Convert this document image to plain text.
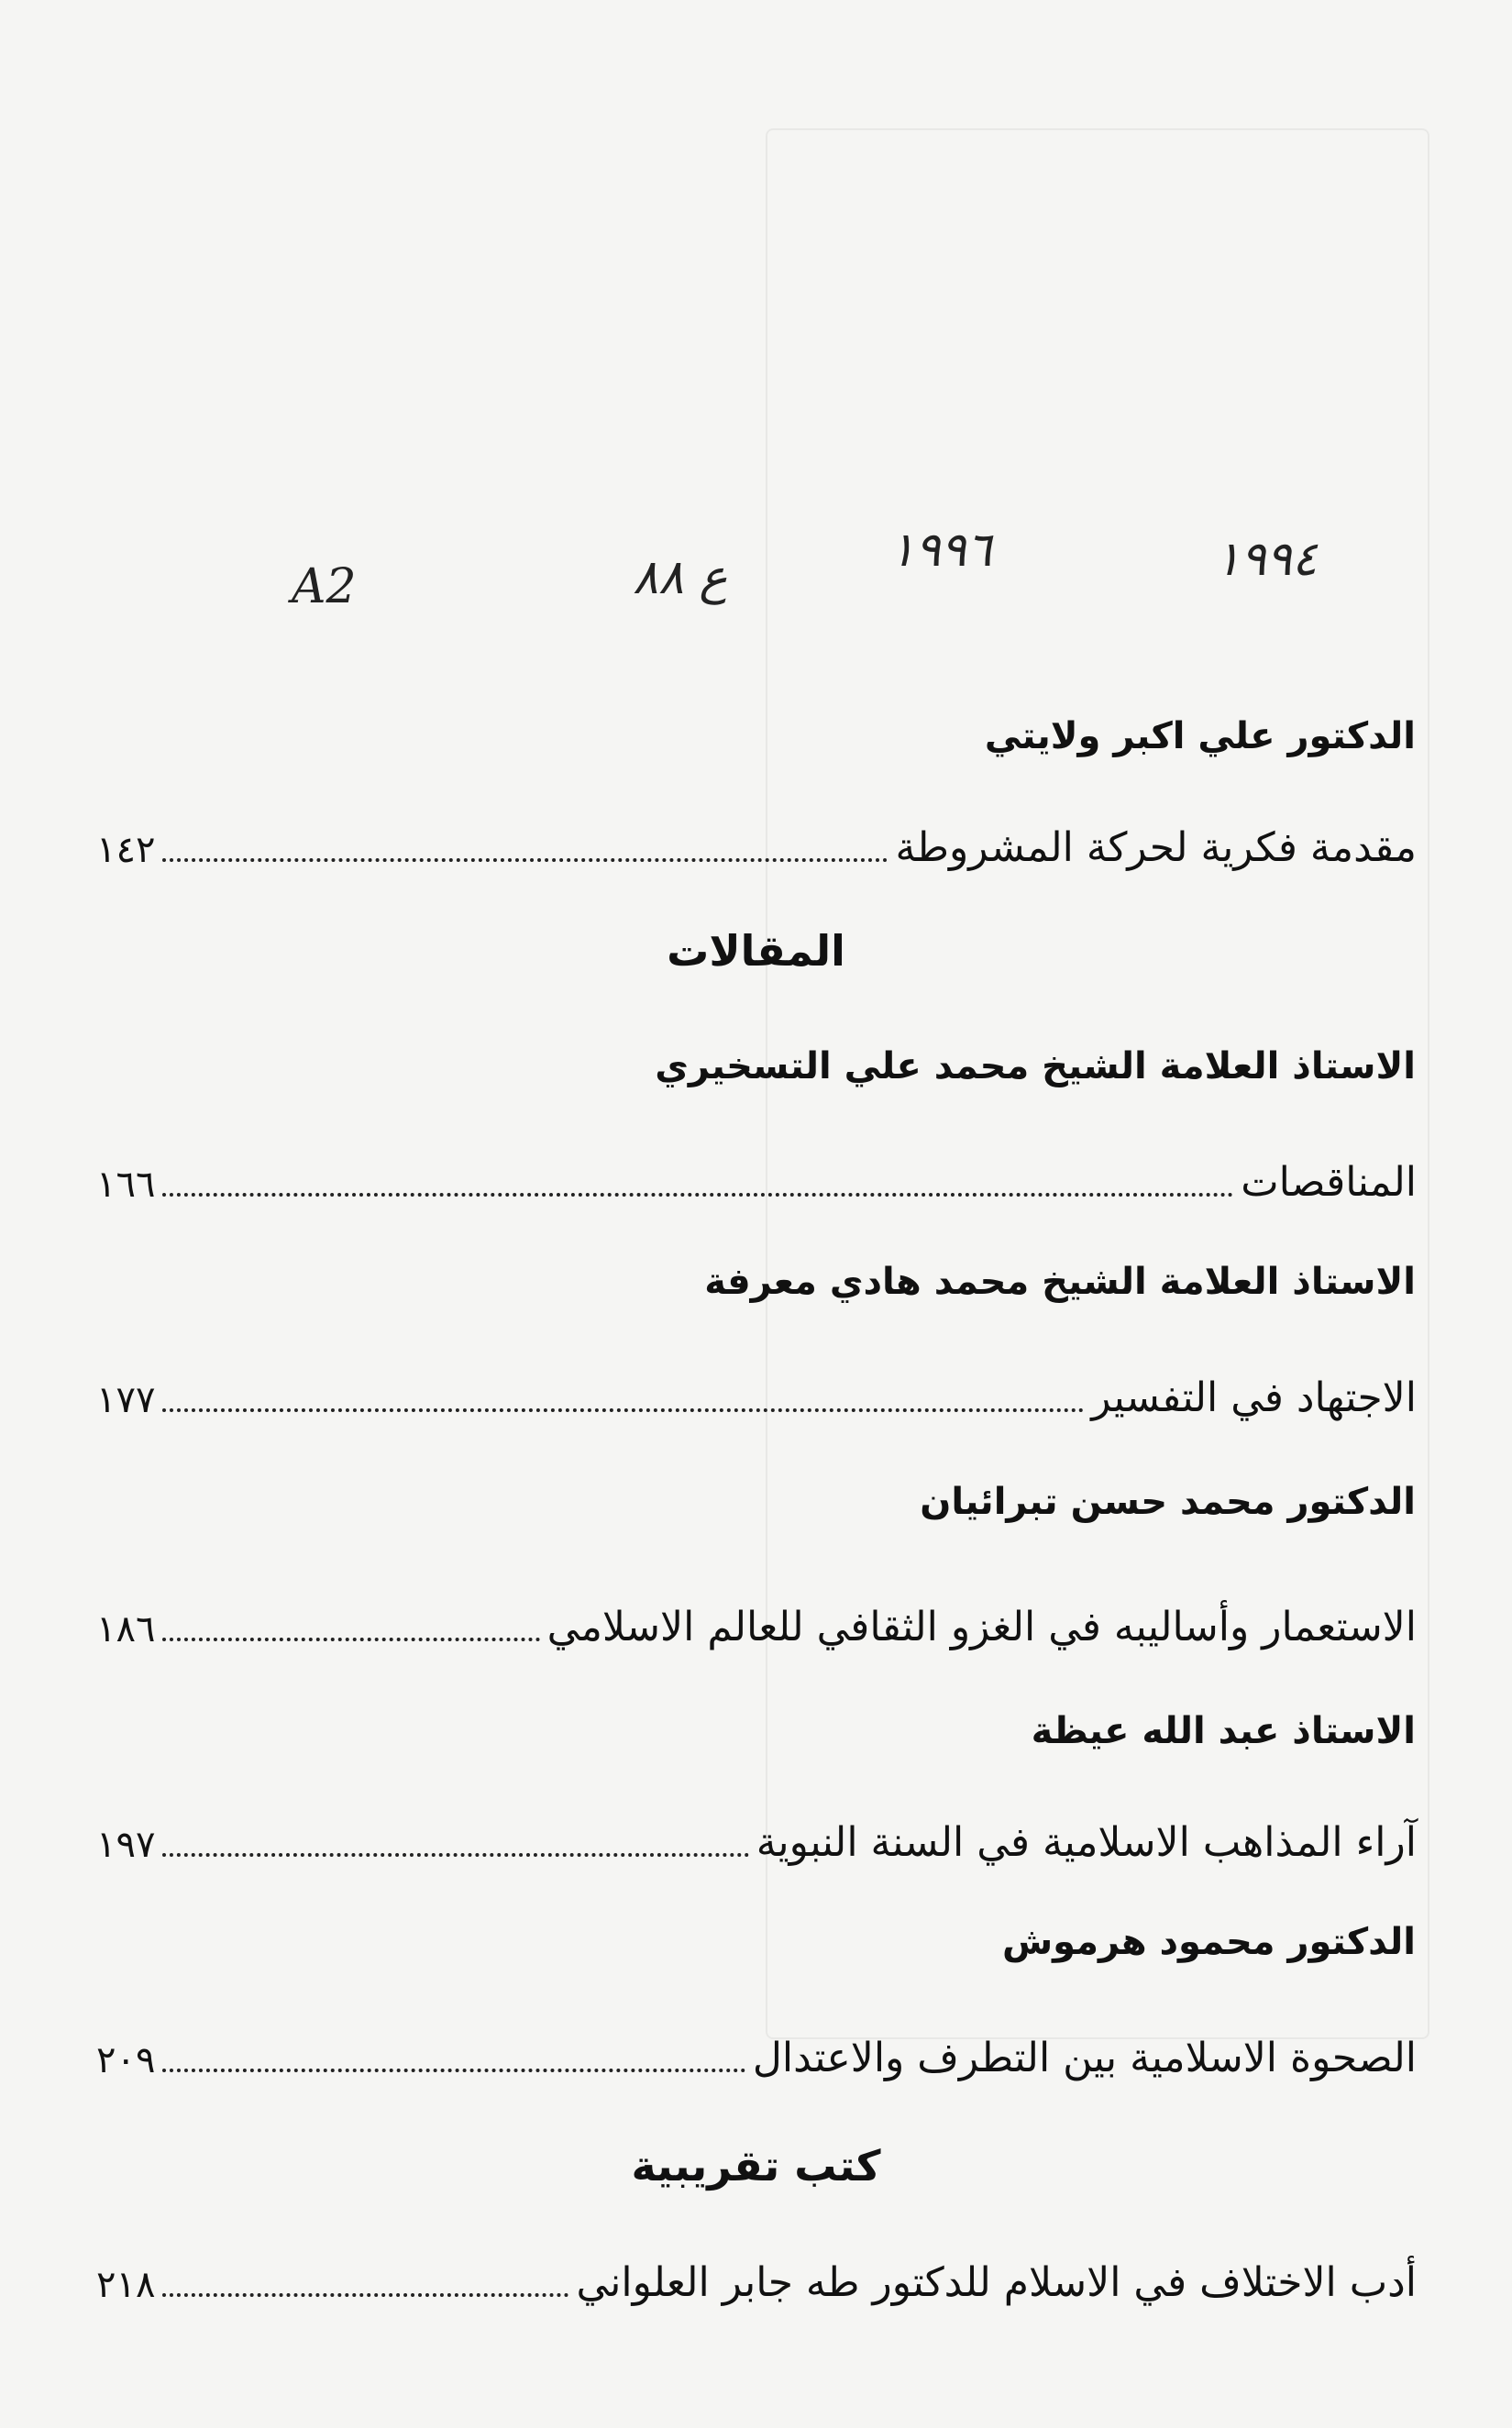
١٩٩٤
١٩٩٦
ع ٨٨
A2
الدكتور علي اكبر ولايتي
مقدمة فكرية لحركة المشروطة
١٤٢
المقالات
الاستاذ العلامة الشيخ محمد علي التسخيري
المناقصات
١٦٦
الاستاذ العلامة الشيخ محمد هادي معرفة
الاجتهاد في التفسير
١٧٧
الدكتور محمد حسن تبرائيان
الاستعمار وأساليبه في الغزو الثقافي للعالم الاسلامي
١٨٦
الاستاذ عبد الله عيظة
آراء المذاهب الاسلامية في السنة النبوية
١٩٧
الدكتور محمود هرموش
الصحوة الاسلامية بين التطرف والاعتدال
٢٠٩
كتب تقريبية
أدب الاختلاف في الاسلام للدكتور طه جابر العلواني
٢١٨
